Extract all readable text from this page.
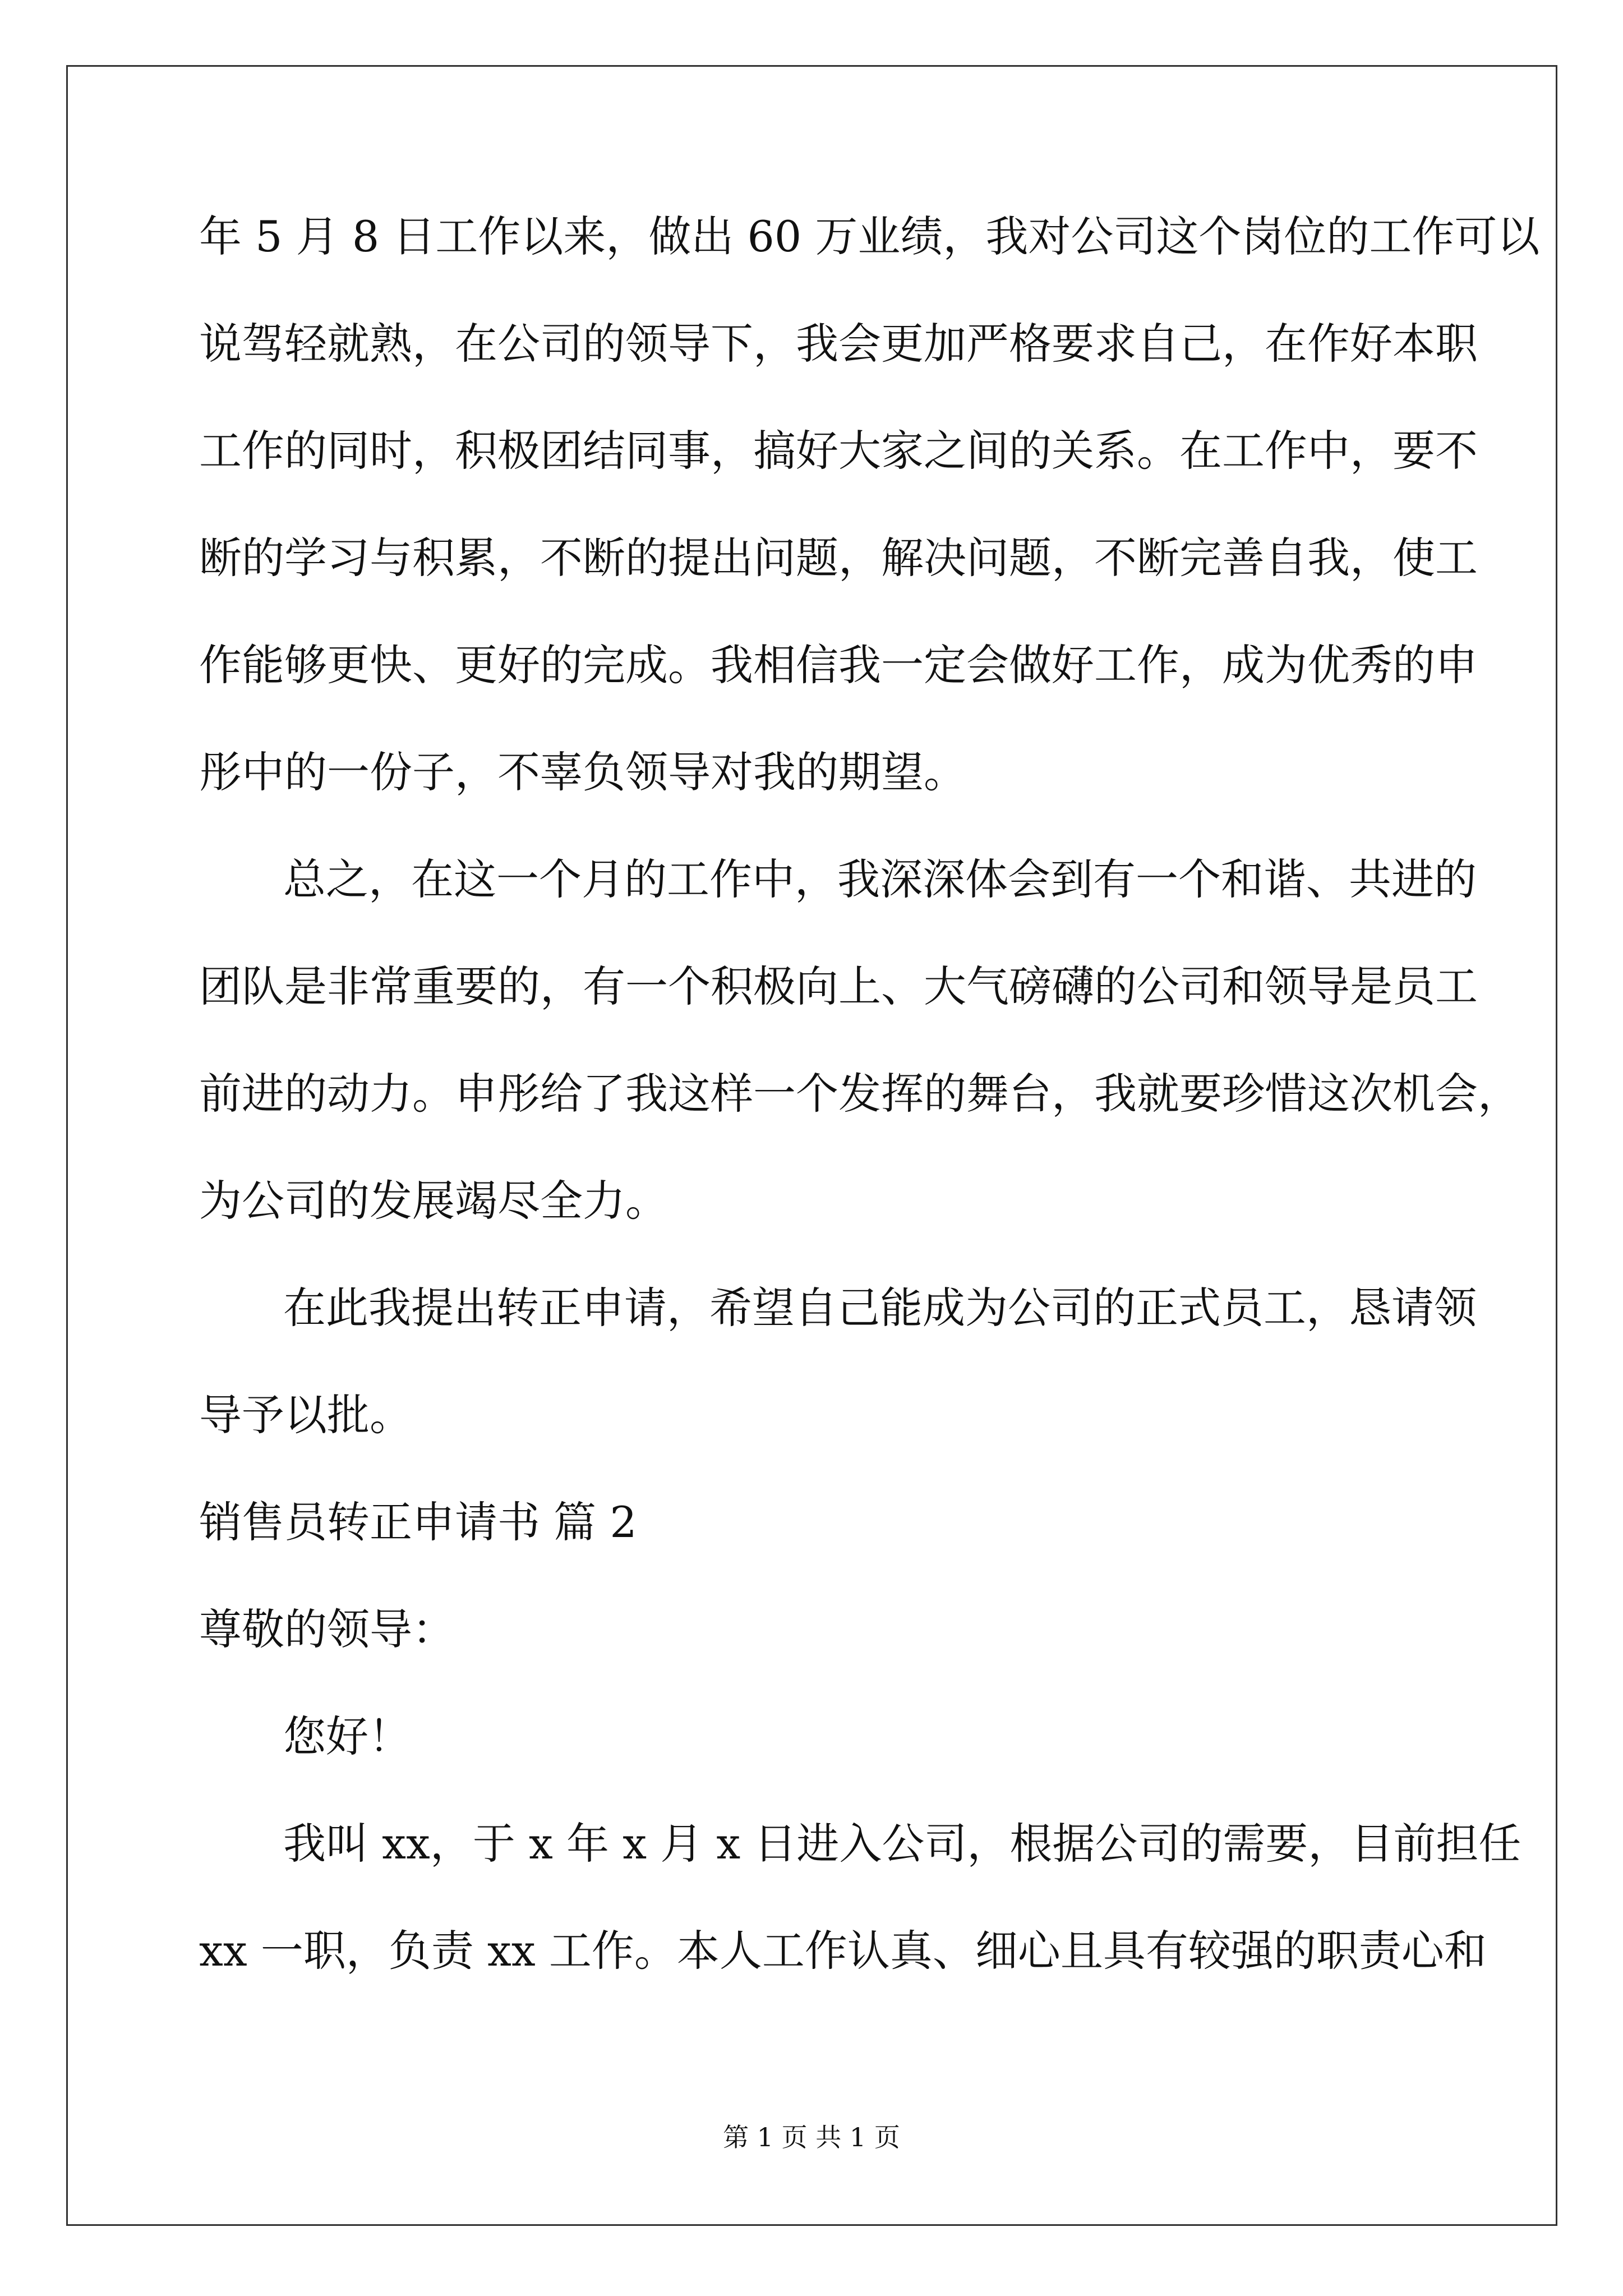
年 5 月 8 日工作以来，做出 60 万业绩，我对公司这个岗位的工作可以
说驾轻就熟，在公司的领导下，我会更加严格要求自己，在作好本职
工作的同时，积极团结同事，搞好大家之间的关系。在工作中，要不
断的学习与积累，不断的提出问题，解决问题，不断完善自我，使工
作能够更快、更好的完成。我相信我一定会做好工作，成为优秀的申
彤中的一份子，不辜负领导对我的期望。
总之，在这一个月的工作中，我深深体会到有一个和谐、共进的
团队是非常重要的，有一个积极向上、大气磅礴的公司和领导是员工
前进的动力。申彤给了我这样一个发挥的舞台，我就要珍惜这次机会，
为公司的发展竭尽全力。
在此我提出转正申请，希望自己能成为公司的正式员工，恳请领
导予以批。
销售员转正申请书 篇 2
尊敬的领导：
您好！
我叫 xx，于 x 年 x 月 x 日进入公司，根据公司的需要，目前担任
xx 一职，负责 xx 工作。本人工作认真、细心且具有较强的职责心和
第 1 页 共 1 页
